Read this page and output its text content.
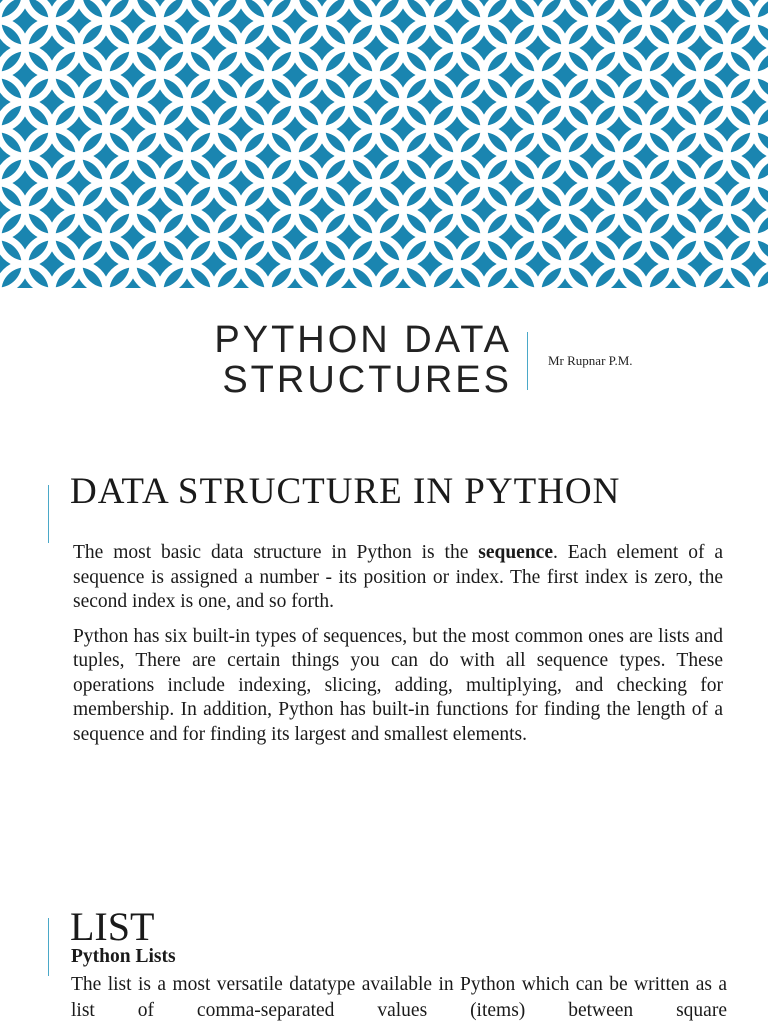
PYTHON DATA
STRUCTURES	Mr Rupnar P.M.
DATA STRUCTURE IN PYTHON

The most basic data structure in Python is the sequence. Each element of a sequence is assigned a number - its position or index. The first index is zero, the second index is one, and so forth.

Python has six built-in types of sequences, but the most common ones are lists and tuples, There are certain things you can do with all sequence types. These operations include indexing, slicing, adding, multiplying, and checking for membership. In addition, Python has built-in functions for finding the length of a sequence and for finding its largest and smallest elements.

LIST
Python Lists
The list is a most versatile datatype available in Python which can be written as a list of comma-separated values (items) between square
